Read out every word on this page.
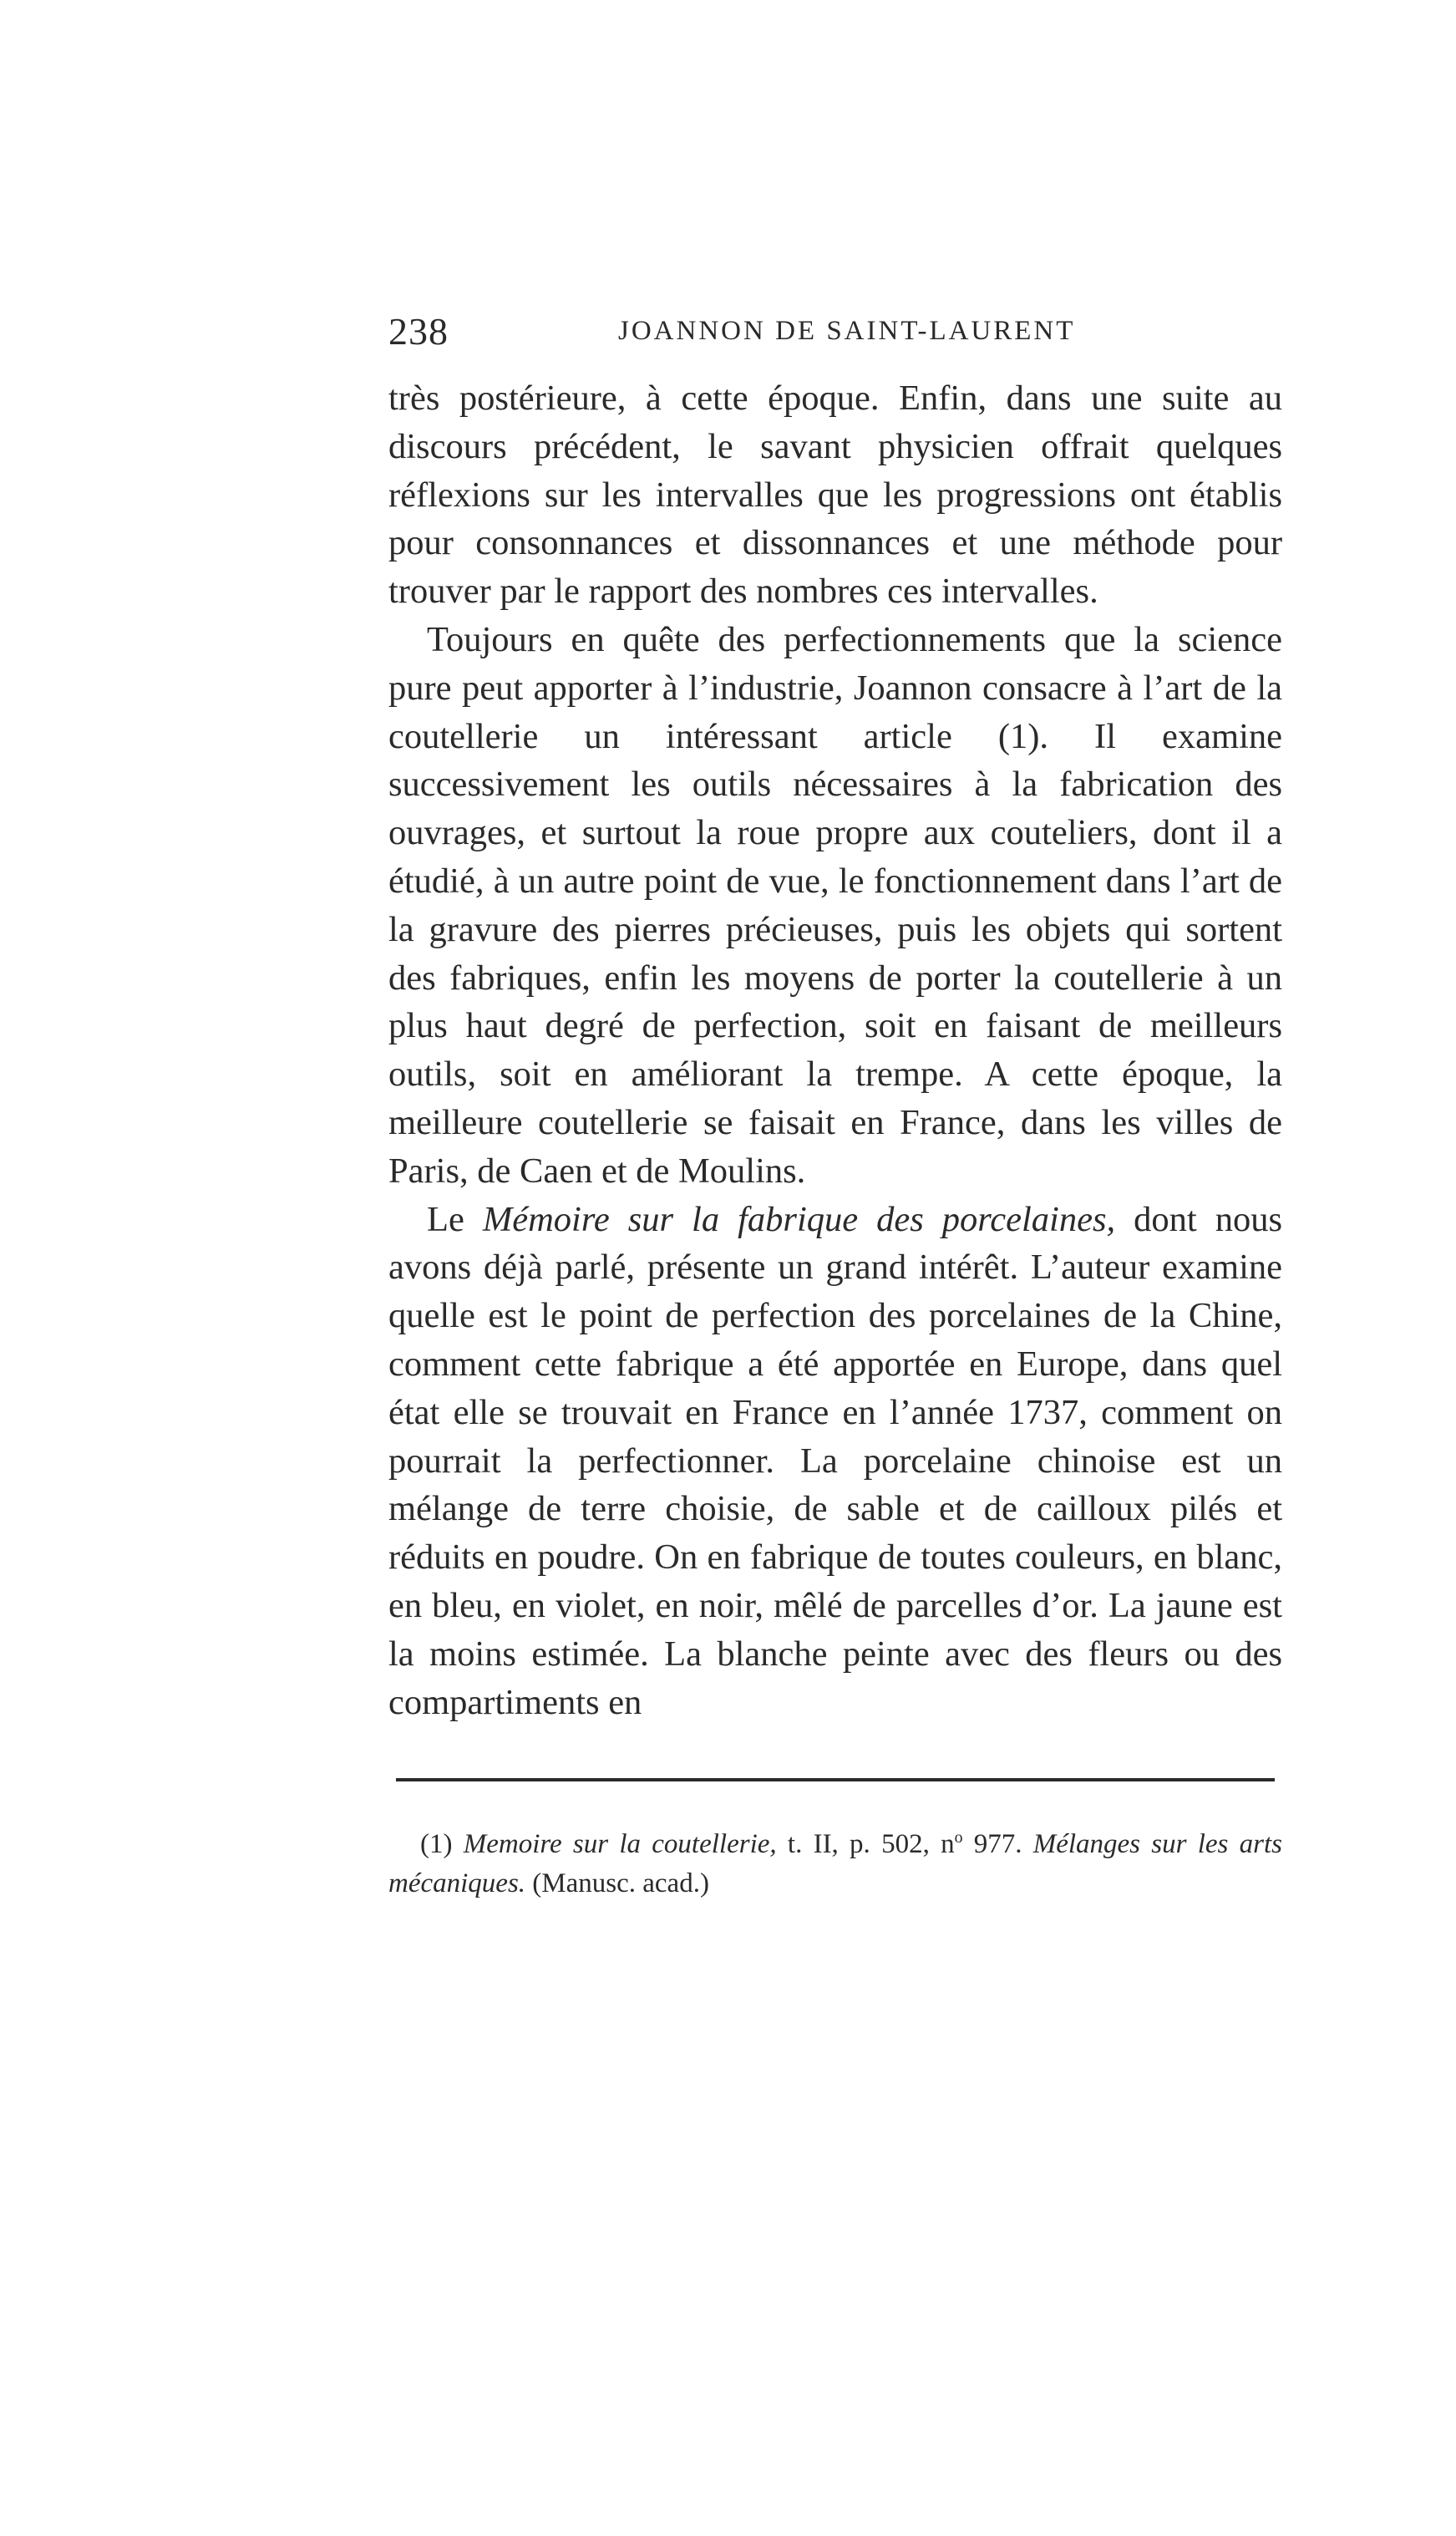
238	JOANNON DE SAINT-LAURENT

très postérieure, à cette époque. Enfin, dans une suite au discours précédent, le savant physicien offrait quelques réflexions sur les intervalles que les progressions ont établis pour consonnances et dissonnances et une méthode pour trouver par le rapport des nombres ces intervalles.

Toujours en quête des perfectionnements que la science pure peut apporter à l’industrie, Joannon consacre à l’art de la coutellerie un intéressant article (1). Il examine successivement les outils nécessaires à la fabrication des ouvrages, et surtout la roue propre aux couteliers, dont il a étudié, à un autre point de vue, le fonctionnement dans l’art de la gravure des pierres précieuses, puis les objets qui sortent des fabriques, enfin les moyens de porter la coutellerie à un plus haut degré de perfection, soit en faisant de meilleurs outils, soit en améliorant la trempe. A cette époque, la meilleure coutellerie se faisait en France, dans les villes de Paris, de Caen et de Moulins.

Le Mémoire sur la fabrique des porcelaines, dont nous avons déjà parlé, présente un grand intérêt. L’auteur examine quelle est le point de perfection des porcelaines de la Chine, comment cette fabrique a été apportée en Europe, dans quel état elle se trouvait en France en l’année 1737, comment on pourrait la perfectionner. La porcelaine chinoise est un mélange de terre choisie, de sable et de cailloux pilés et réduits en poudre. On en fabrique de toutes couleurs, en blanc, en bleu, en violet, en noir, mêlé de parcelles d’or. La jaune est la moins estimée. La blanche peinte avec des fleurs ou des compartiments en

(1) Memoire sur la coutellerie, t. II, p. 502, $n^o$ 977. Mélanges sur les arts mécaniques. (Manusc. acad.)
